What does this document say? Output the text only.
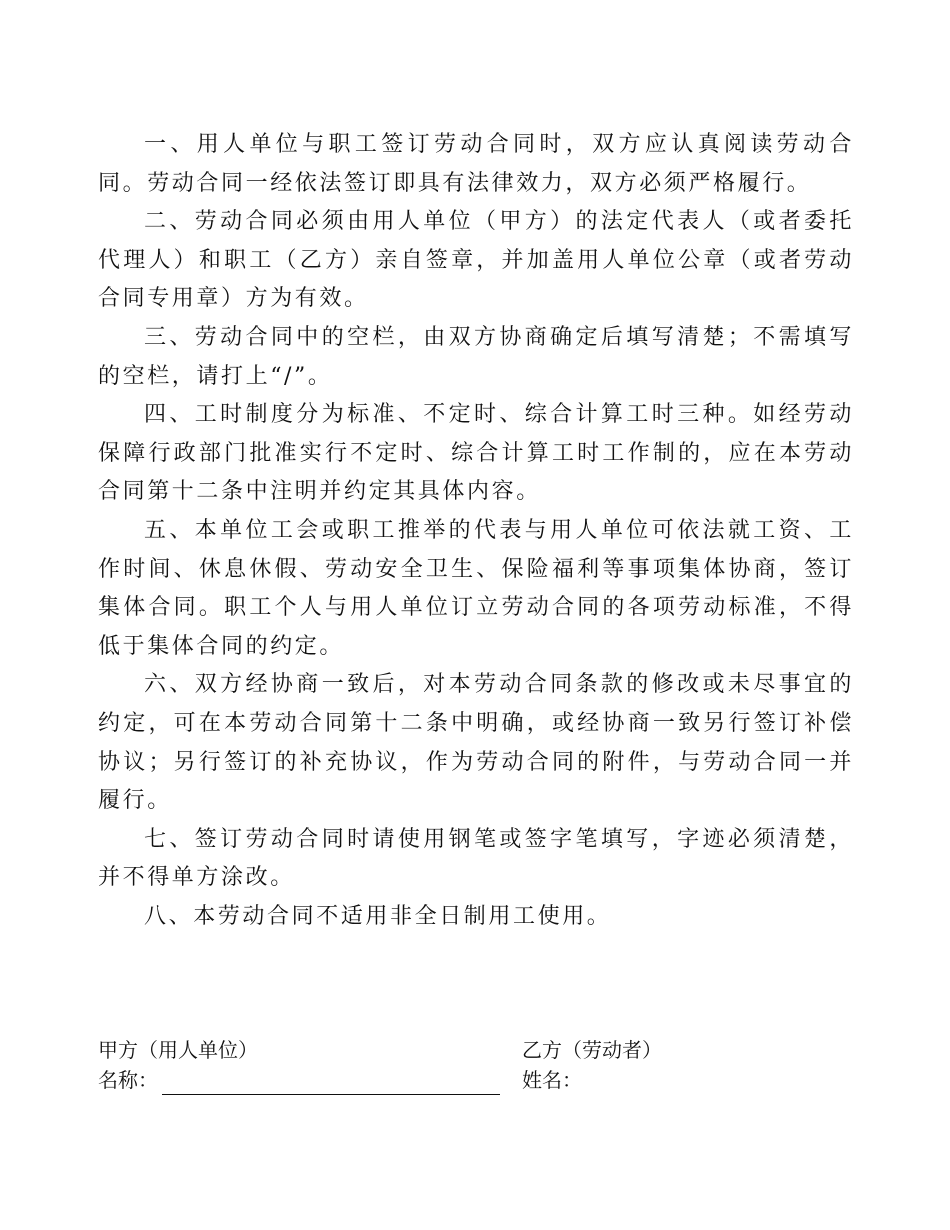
一、用人单位与职工签订劳动合同时，双方应认真阅读劳动合同。劳动合同一经依法签订即具有法律效力，双方必须严格履行。

二、劳动合同必须由用人单位（甲方）的法定代表人（或者委托代理人）和职工（乙方）亲自签章，并加盖用人单位公章（或者劳动合同专用章）方为有效。

三、劳动合同中的空栏，由双方协商确定后填写清楚；不需填写的空栏，请打上“/”。

四、工时制度分为标准、不定时、综合计算工时三种。如经劳动保障行政部门批准实行不定时、综合计算工时工作制的，应在本劳动合同第十二条中注明并约定其具体内容。

五、本单位工会或职工推举的代表与用人单位可依法就工资、工作时间、休息休假、劳动安全卫生、保险福利等事项集体协商，签订集体合同。职工个人与用人单位订立劳动合同的各项劳动标准，不得低于集体合同的约定。

六、双方经协商一致后，对本劳动合同条款的修改或未尽事宜的约定，可在本劳动合同第十二条中明确，或经协商一致另行签订补偿协议；另行签订的补充协议，作为劳动合同的附件，与劳动合同一并履行。

七、签订劳动合同时请使用钢笔或签字笔填写，字迹必须清楚，并不得单方涂改。

八、本劳动合同不适用非全日制用工使用。

甲方（用人单位）
名称：
乙方（劳动者）
姓名：
